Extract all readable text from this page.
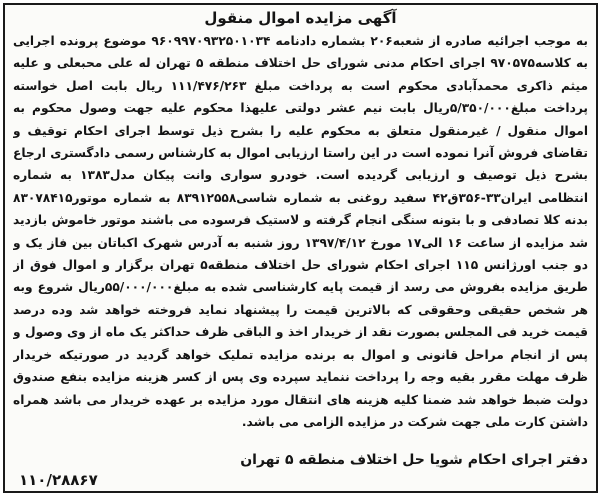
آگهی مزایده اموال منقول

به موجب اجرائیه صادره از شعبه۲۰۶ بشماره دادنامه ۹۶۰۹۹۷۰۹۳۲۵۰۱۰۳۴ موضوع پرونده اجرایی به کلاسه۹۷۰۵۷۵ اجرای احکام مدنی شورای حل اختلاف منطقه ۵ تهران له علی محبعلی و علیه میثم ذاکری محمدآبادی محکوم است به پرداخت مبلغ ۱۱۱/۴۷۶/۲۶۳ ریال بابت اصل خواسته پرداخت مبلغ۵/۳۵۰/۰۰۰ریال بابت نیم عشر دولتی علیهذا محکوم علیه جهت وصول محکوم به اموال منقول / غیرمنقول متعلق به محکوم علیه را بشرح ذیل توسط اجرای احکام توقیف و تقاضای فروش آنرا نموده است در این راستا ارزیابی اموال به کارشناس رسمی دادگستری ارجاع بشرح ذیل توصیف و ارزیابی گردیده است. خودرو سواری وانت پیکان مدل۱۳۸۳ به شماره انتظامی ایران۳۳-۳۵۶ق۴۲ سفید روغنی به شماره شاسی۸۳۹۱۲۵۵۸ به شماره موتور۸۳۰۷۸۴۱۵ بدنه کلا تصادفی و با بتونه سنگی انجام گرفته و لاستیک فرسوده می باشند موتور خاموش بازدید شد مزایده از ساعت ۱۶ الی۱۷ مورخ ۱۳۹۷/۴/۱۲ روز شنبه به آدرس شهرک اکباتان بین فاز یک و دو جنب اورژانس ۱۱۵ اجرای احکام شورای حل اختلاف منطقه۵ تهران برگزار و اموال فوق از طریق مزایده بفروش می رسد از قیمت پایه کارشناسی شده به مبلغ۵۵/۰۰۰/۰۰۰ریال شروع وبه هر شخص حقیقی وحقوقی که بالاترین قیمت را پیشنهاد نماید فروخته خواهد شد وده درصد قیمت خرید فی المجلس بصورت نقد از خریدار اخذ و الباقی ظرف حداکثر یک ماه از وی وصول و پس از انجام مراحل قانونی و اموال به برنده مزایده تملیک خواهد گردید در صورتیکه خریدار ظرف مهلت مقرر بقیه وجه را پرداخت ننماید سپرده وی پس از کسر هزینه مزایده بنفع صندوق دولت ضبط خواهد شد ضمنا کلیه هزینه های انتقال مورد مزایده بر عهده خریدار می باشد همراه داشتن کارت ملی جهت شرکت در مزایده الزامی می باشد.

دفتر اجرای احکام شویا حل اختلاف منطقه ۵ تهران
۱۱۰/۲۸۸۶۷
